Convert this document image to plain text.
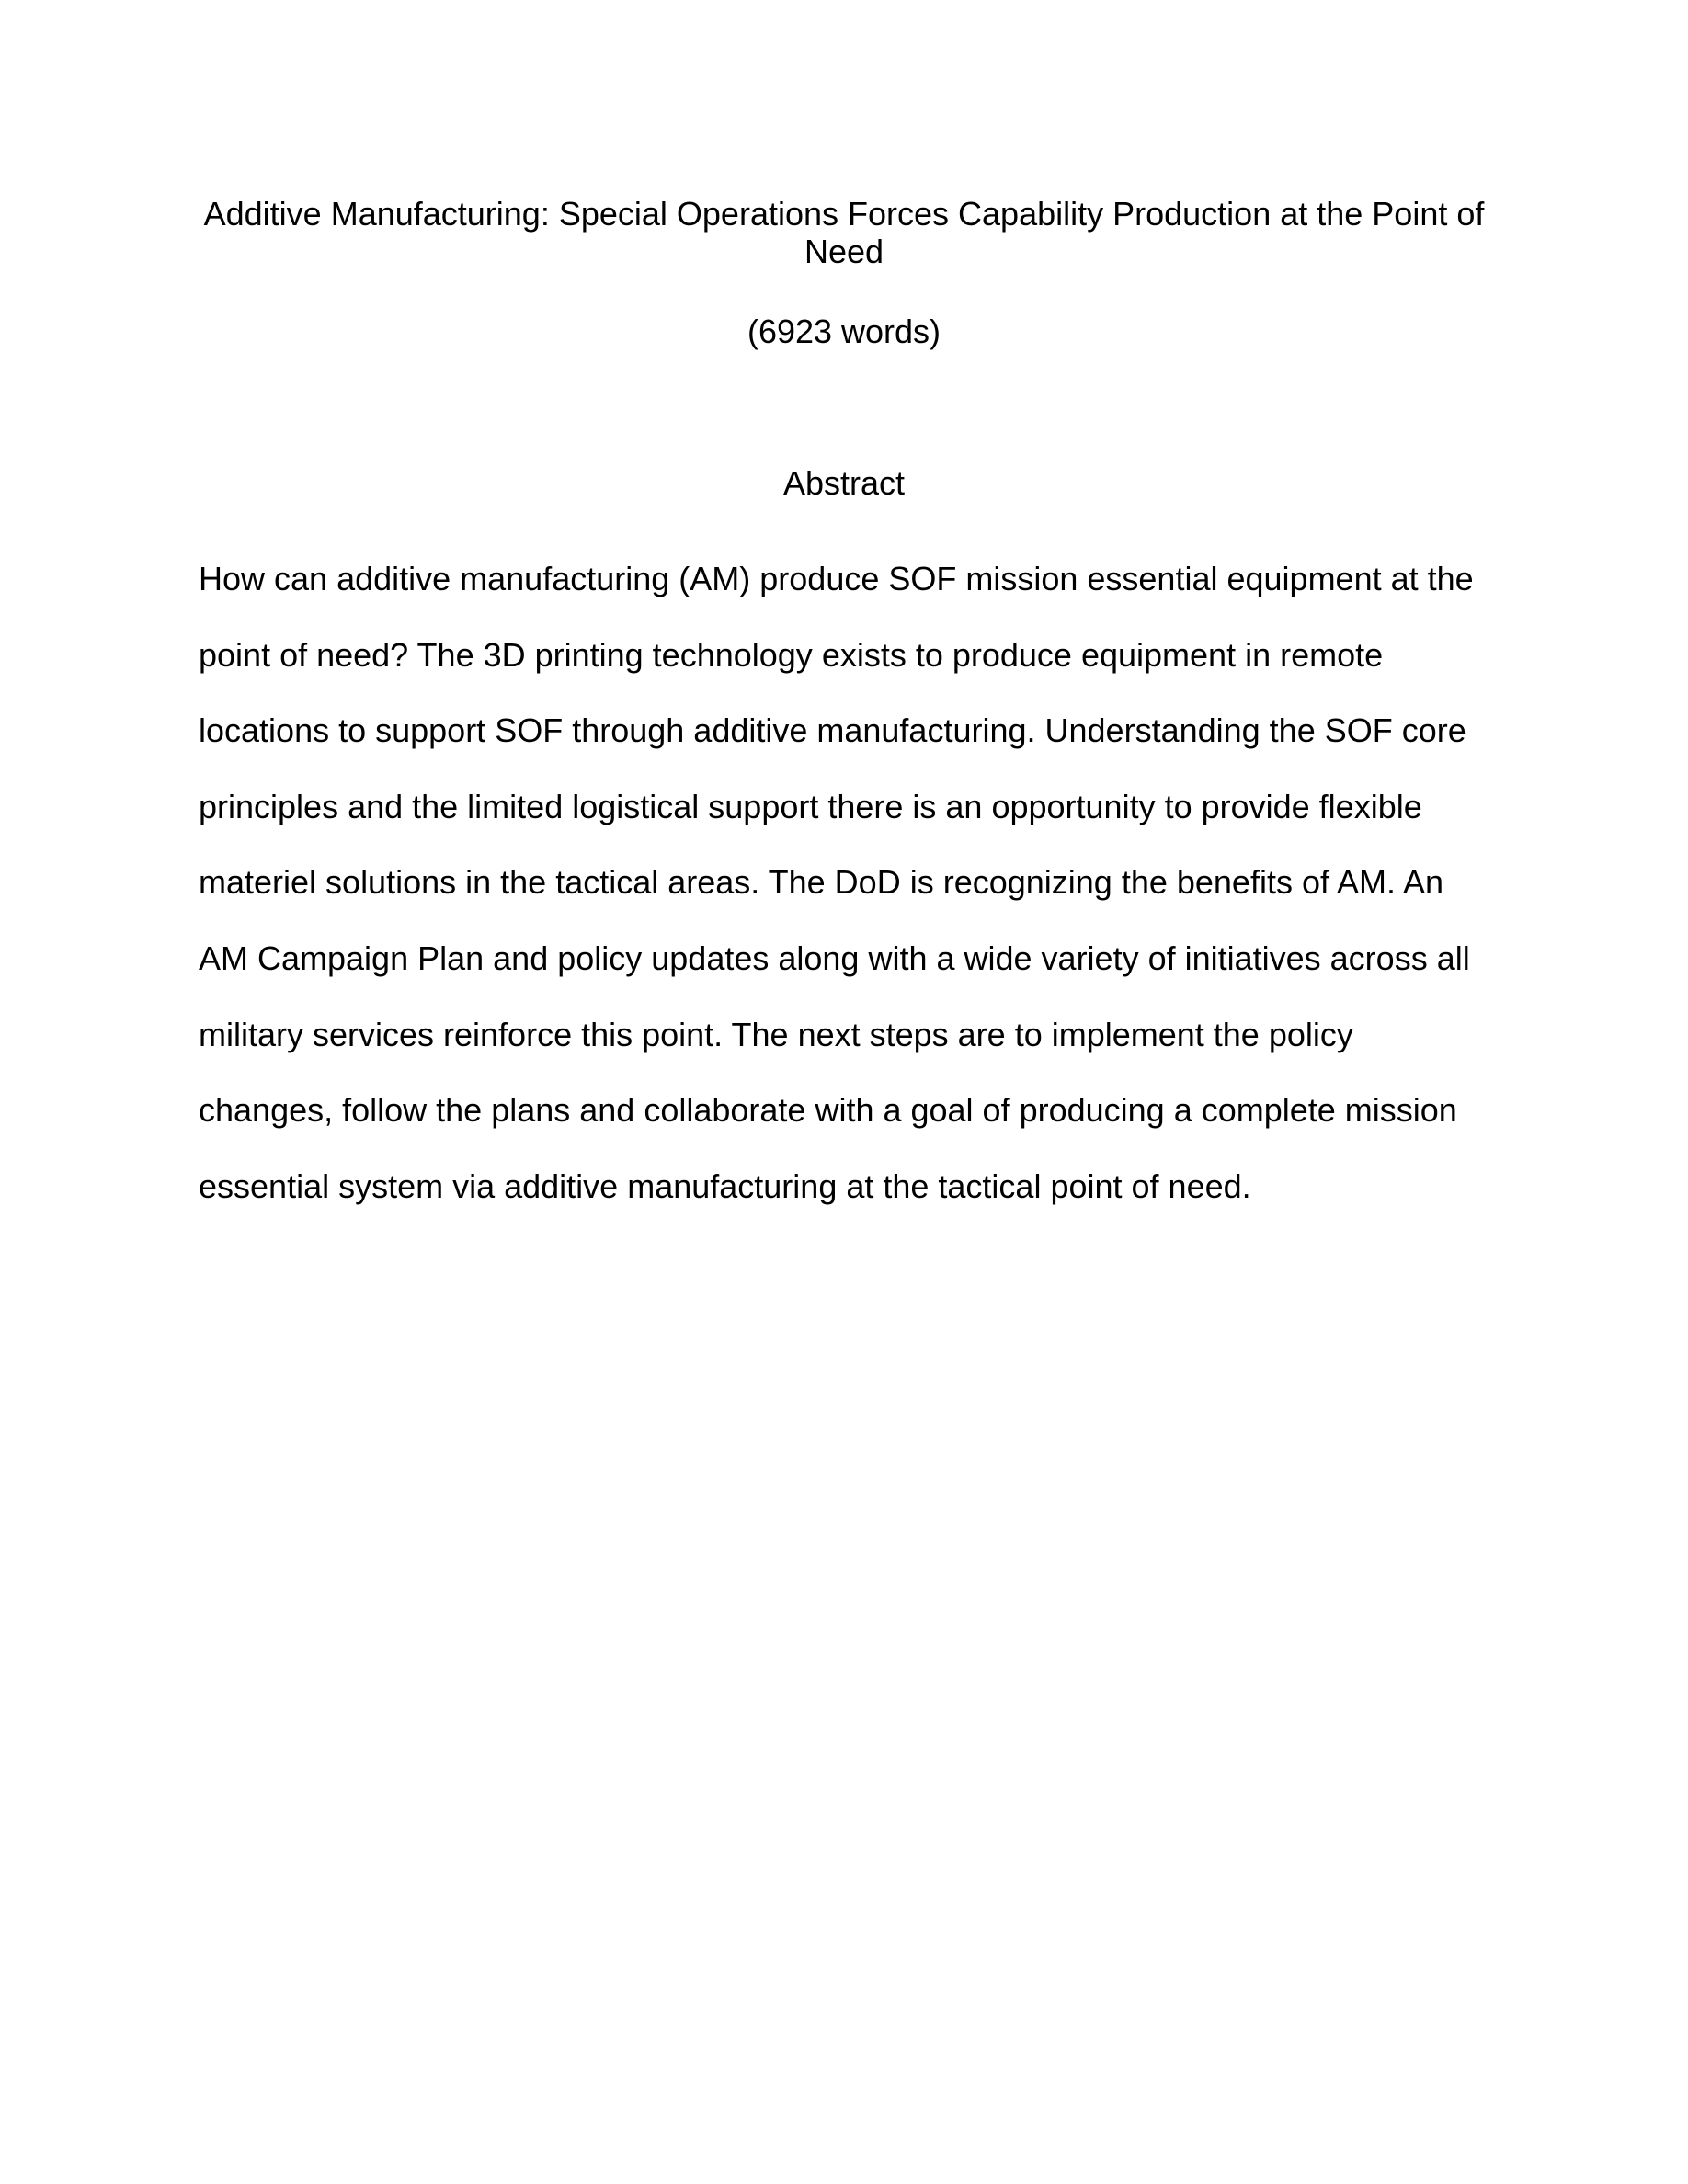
Additive Manufacturing: Special Operations Forces Capability Production at the Point of
Need

(6923 words)

Abstract
How can additive manufacturing (AM) produce SOF mission essential equipment at the
point of need? The 3D printing technology exists to produce equipment in remote
locations to support SOF through additive manufacturing. Understanding the SOF core
principles and the limited logistical support there is an opportunity to provide flexible
materiel solutions in the tactical areas. The DoD is recognizing the benefits of AM. An
AM Campaign Plan and policy updates along with a wide variety of initiatives across all
military services reinforce this point. The next steps are to implement the policy
changes, follow the plans and collaborate with a goal of producing a complete mission
essential system via additive manufacturing at the tactical point of need.
